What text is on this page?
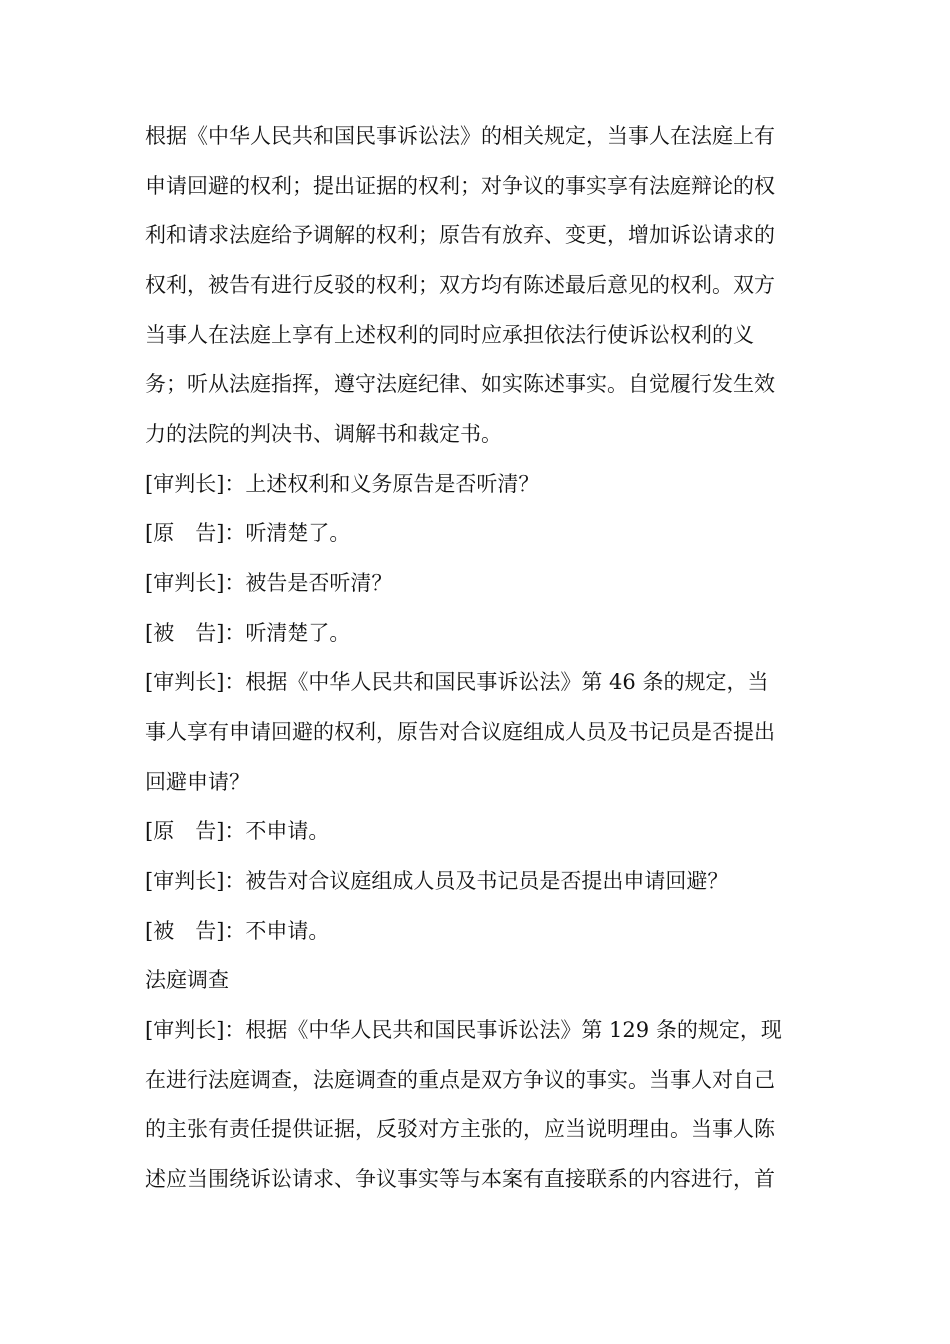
根据《中华人民共和国民事诉讼法》的相关规定，当事人在法庭上有

申请回避的权利；提出证据的权利；对争议的事实享有法庭辩论的权

利和请求法庭给予调解的权利；原告有放弃、变更，增加诉讼请求的

权利，被告有进行反驳的权利；双方均有陈述最后意见的权利。双方

当事人在法庭上享有上述权利的同时应承担依法行使诉讼权利的义

务；听从法庭指挥，遵守法庭纪律、如实陈述事实。自觉履行发生效

力的法院的判决书、调解书和裁定书。

[审判长]：上述权利和义务原告是否听清？

[原　告]：听清楚了。

[审判长]：被告是否听清？

[被　告]：听清楚了。

[审判长]：根据《中华人民共和国民事诉讼法》第 46 条的规定，当

事人享有申请回避的权利，原告对合议庭组成人员及书记员是否提出

回避申请？

[原　告]：不申请。

[审判长]：被告对合议庭组成人员及书记员是否提出申请回避？

[被　告]：不申请。

法庭调查

[审判长]：根据《中华人民共和国民事诉讼法》第 129 条的规定，现

在进行法庭调查，法庭调查的重点是双方争议的事实。当事人对自己

的主张有责任提供证据，反驳对方主张的，应当说明理由。当事人陈

述应当围绕诉讼请求、争议事实等与本案有直接联系的内容进行，首
